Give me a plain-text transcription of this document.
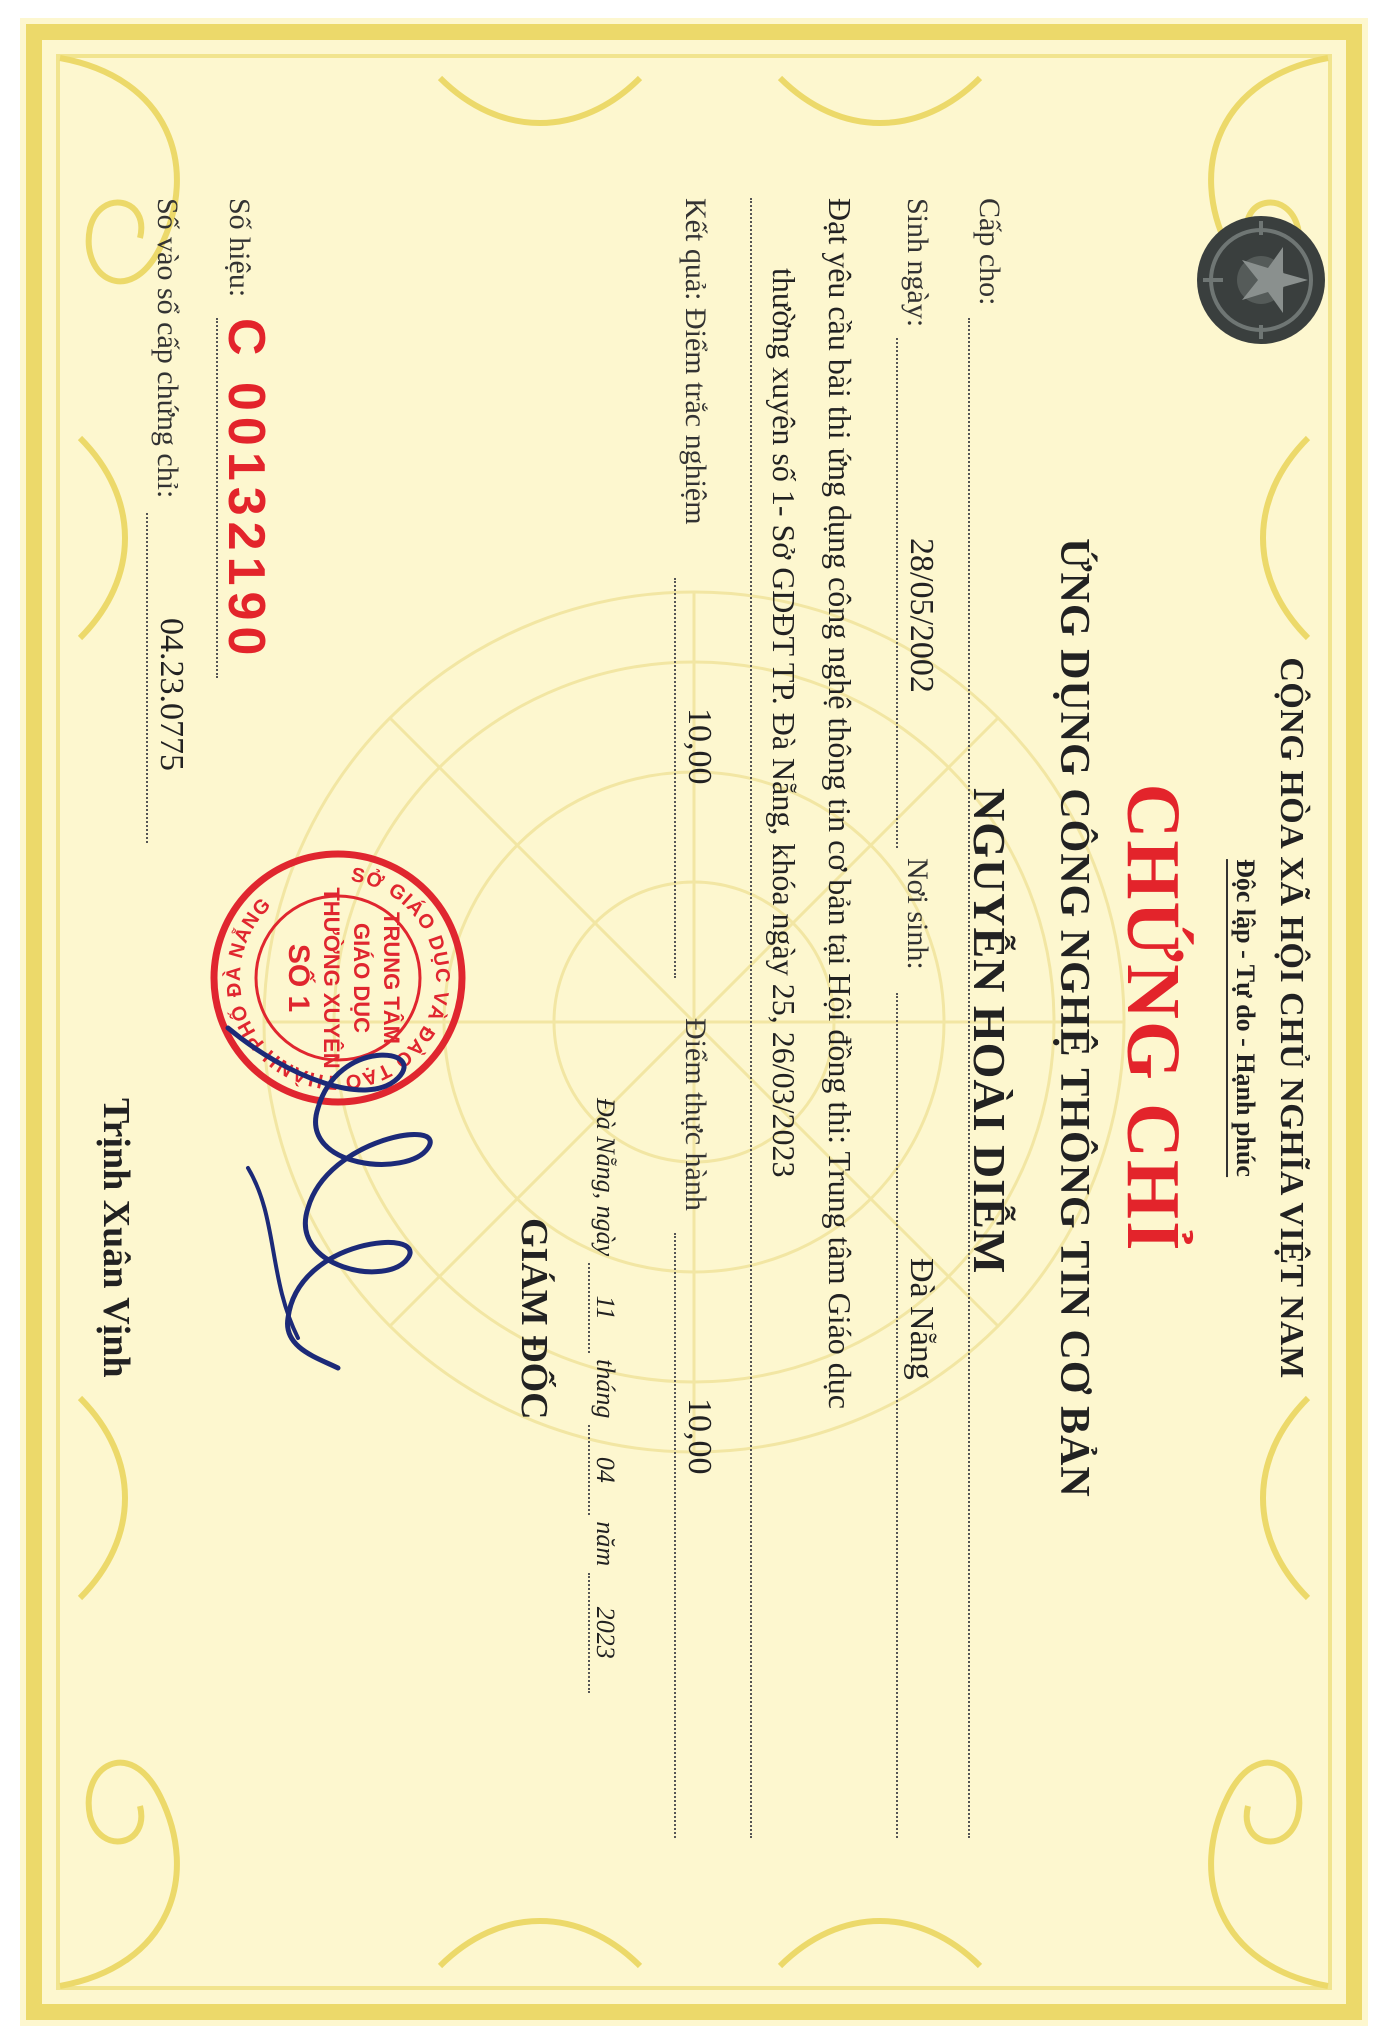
CỘNG HÒA XÃ HỘI CHỦ NGHĨA VIỆT NAM
Độc lập - Tự do - Hạnh phúc
CHỨNG CHỈ
ỨNG DỤNG CÔNG NGHỆ THÔNG TIN CƠ BẢN
Cấp cho:
NGUYỄN HOÀI DIỄM
Sinh ngày:
28/05/2002
Nơi sinh:
Đà Nẵng
Đạt yêu cầu bài thi ứng dụng công nghệ thông tin cơ bản tại Hội đồng thi: Trung tâm Giáo dục
thường xuyên số 1- Sở GDĐT TP. Đà Nẵng, khóa ngày 25, 26/03/2023
Kết quả: Điểm trắc nghiệm
10,00
Điểm thực hành
10,00
Đà Nẵng, ngày 11 tháng 04 năm 2023
GIÁM ĐỐC
Số hiệu:
C 00132190
Số vào sổ cấp chứng chỉ:
04.23.0775
SỞ GIÁO DỤC VÀ ĐÀO TẠO THÀNH PHỐ ĐÀ NẴNG
TRUNG TÂM
GIÁO DỤC
THƯỜNG XUYÊN
SỐ 1
Trịnh Xuân Vịnh
